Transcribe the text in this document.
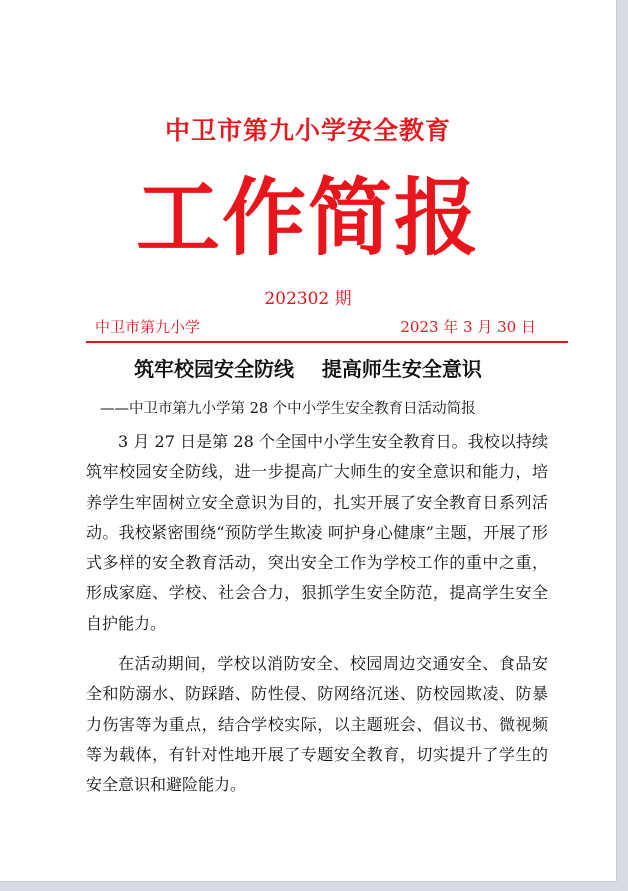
中卫市第九小学安全教育
工作简报
202302 期
中卫市第九小学	2023 年 3 月 30 日
筑牢校园安全防线    提高师生安全意识
——中卫市第九小学第 28 个中小学生安全教育日活动简报

3 月 27 日是第 28 个全国中小学生安全教育日。我校以持续筑牢校园安全防线，进一步提高广大师生的安全意识和能力，培养学生牢固树立安全意识为目的，扎实开展了安全教育日系列活动。我校紧密围绕“预防学生欺凌 呵护身心健康”主题，开展了形式多样的安全教育活动，突出安全工作为学校工作的重中之重，形成家庭、学校、社会合力，狠抓学生安全防范，提高学生安全自护能力。

在活动期间，学校以消防安全、校园周边交通安全、食品安全和防溺水、防踩踏、防性侵、防网络沉迷、防校园欺凌、防暴力伤害等为重点，结合学校实际，以主题班会、倡议书、微视频等为载体，有针对性地开展了专题安全教育，切实提升了学生的安全意识和避险能力。
